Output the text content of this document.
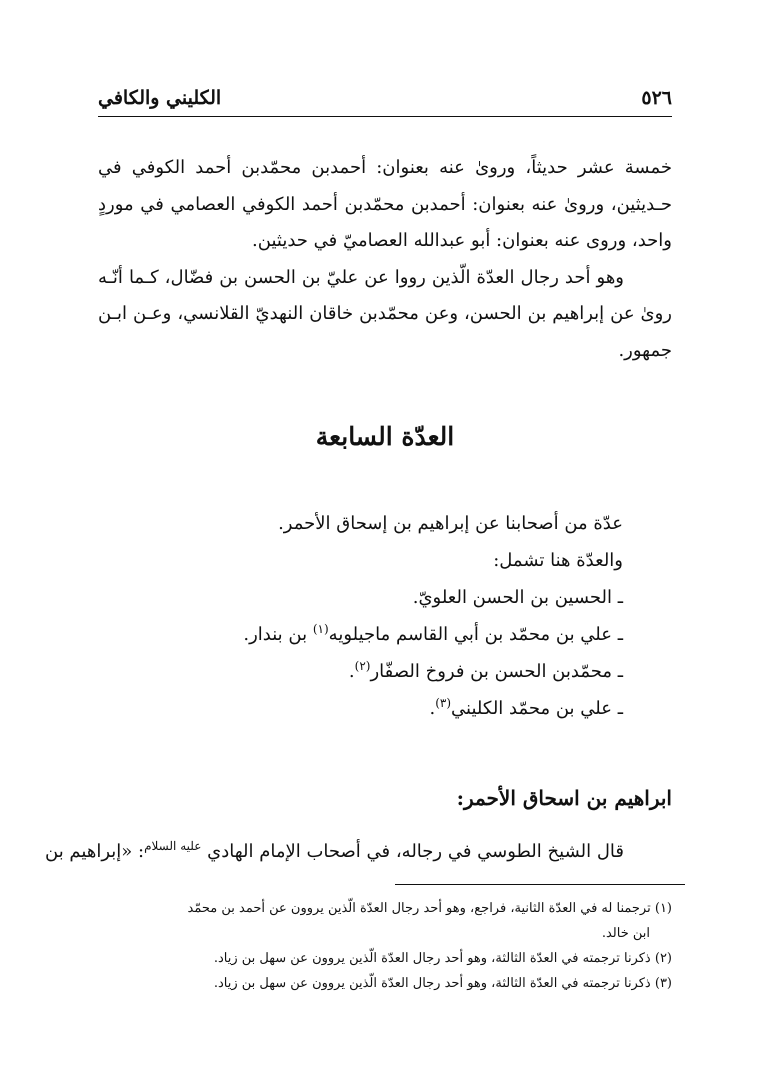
٥٢٦
الكليني والكافي

خمسة عشر حديثاً، وروىٰ عنه بعنوان: أحمدبن محمّدبن أحمد الكوفي في حـديثين، وروىٰ عنه بعنوان: أحمدبن محمّدبن أحمد الكوفي العصامي في موردٍ واحد، وروى عنه بعنوان: أبو عبدالله العصاميّ في حديثين.

وهو أحد رجال العدّة الّذين رووا عن عليّ بن الحسن بن فضّال، كـما أنّـه روىٰ عن إبراهيم بن الحسن، وعن محمّدبن خاقان النهديّ القلانسي، وعـن ابـن جمهور.

العدّة السابعة
عدّة من أصحابنا عن إبراهيم بن إسحاق الأحمر.
والعدّة هنا تشمل:
ـ الحسين بن الحسن العلويّ.
ـ علي بن محمّد بن أبي القاسم ماجيلويه$^{(١)}$ بن بندار.
ـ محمّدبن الحسن بن فروخ الصفّار$^{(٢)}$.
ـ علي بن محمّد الكليني$^{(٣)}$.
ابراهيم بن اسحاق الأحمر:
قال الشيخ الطوسي في رجاله، في أصحاب الإمام الهادي $^{عليه السلام}$: «إبراهيم بن
(١) ترجمنا له في العدّة الثانية، فراجع، وهو أحد رجال العدّة الّذين يروون عن أحمد بن محمّد
ابن خالد.
(٢) ذكرنا ترجمته في العدّة الثالثة، وهو أحد رجال العدّة الّذين يروون عن سهل بن زياد.
(٣) ذكرنا ترجمته في العدّة الثالثة، وهو أحد رجال العدّة الّذين يروون عن سهل بن زياد.
